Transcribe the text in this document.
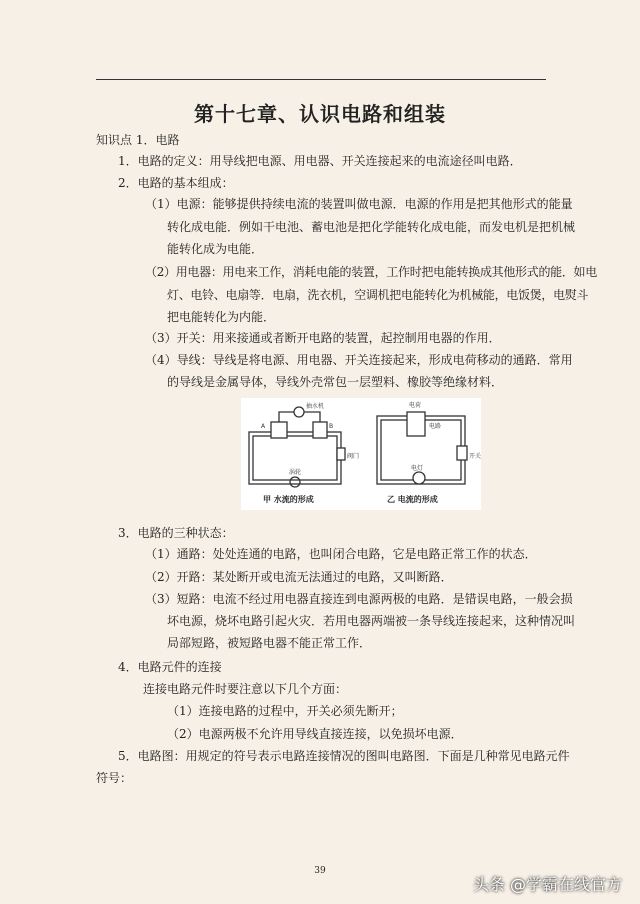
第十七章、认识电路和组装
知识点 1．电路
1．电路的定义：用导线把电源、用电器、开关连接起来的电流途径叫电路．
2．电路的基本组成：
（1）电源：能够提供持续电流的装置叫做电源．电源的作用是把其他形式的能量
转化成电能．例如干电池、蓄电池是把化学能转化成电能，而发电机是把机械
能转化成为电能．
（2）用电器：用电来工作，消耗电能的装置，工作时把电能转换成其他形式的能．如电
灯、电铃、电扇等．电扇，洗衣机，空调机把电能转化为机械能，电饭煲，电熨斗
把电能转化为内能．
（3）开关：用来接通或者断开电路的装置，起控制用电器的作用．
（4）导线：导线是将电源、用电器、开关连接起来，形成电荷移动的通路．常用
的导线是金属导体，导线外壳常包一层塑料、橡胶等绝缘材料．
抽水机
A	B
阀门
涡轮
电荷
电路
开关
电灯
甲 水流的形成	乙 电流的形成
3．电路的三种状态：
（1）通路：处处连通的电路，也叫闭合电路，它是电路正常工作的状态．
（2）开路：某处断开或电流无法通过的电路，又叫断路．
（3）短路：电流不经过用电器直接连到电源两极的电路．是错误电路，一般会损
坏电源，烧坏电路引起火灾．若用电器两端被一条导线连接起来，这种情况叫
局部短路，被短路电器不能正常工作．
4．电路元件的连接
连接电路元件时要注意以下几个方面：
（1）连接电路的过程中，开关必须先断开；
（2）电源两极不允许用导线直接连接，以免损坏电源．
5．电路图：用规定的符号表示电路连接情况的图叫电路图．下面是几种常见电路元件
符号：
39
头条 @学霸在线官方
